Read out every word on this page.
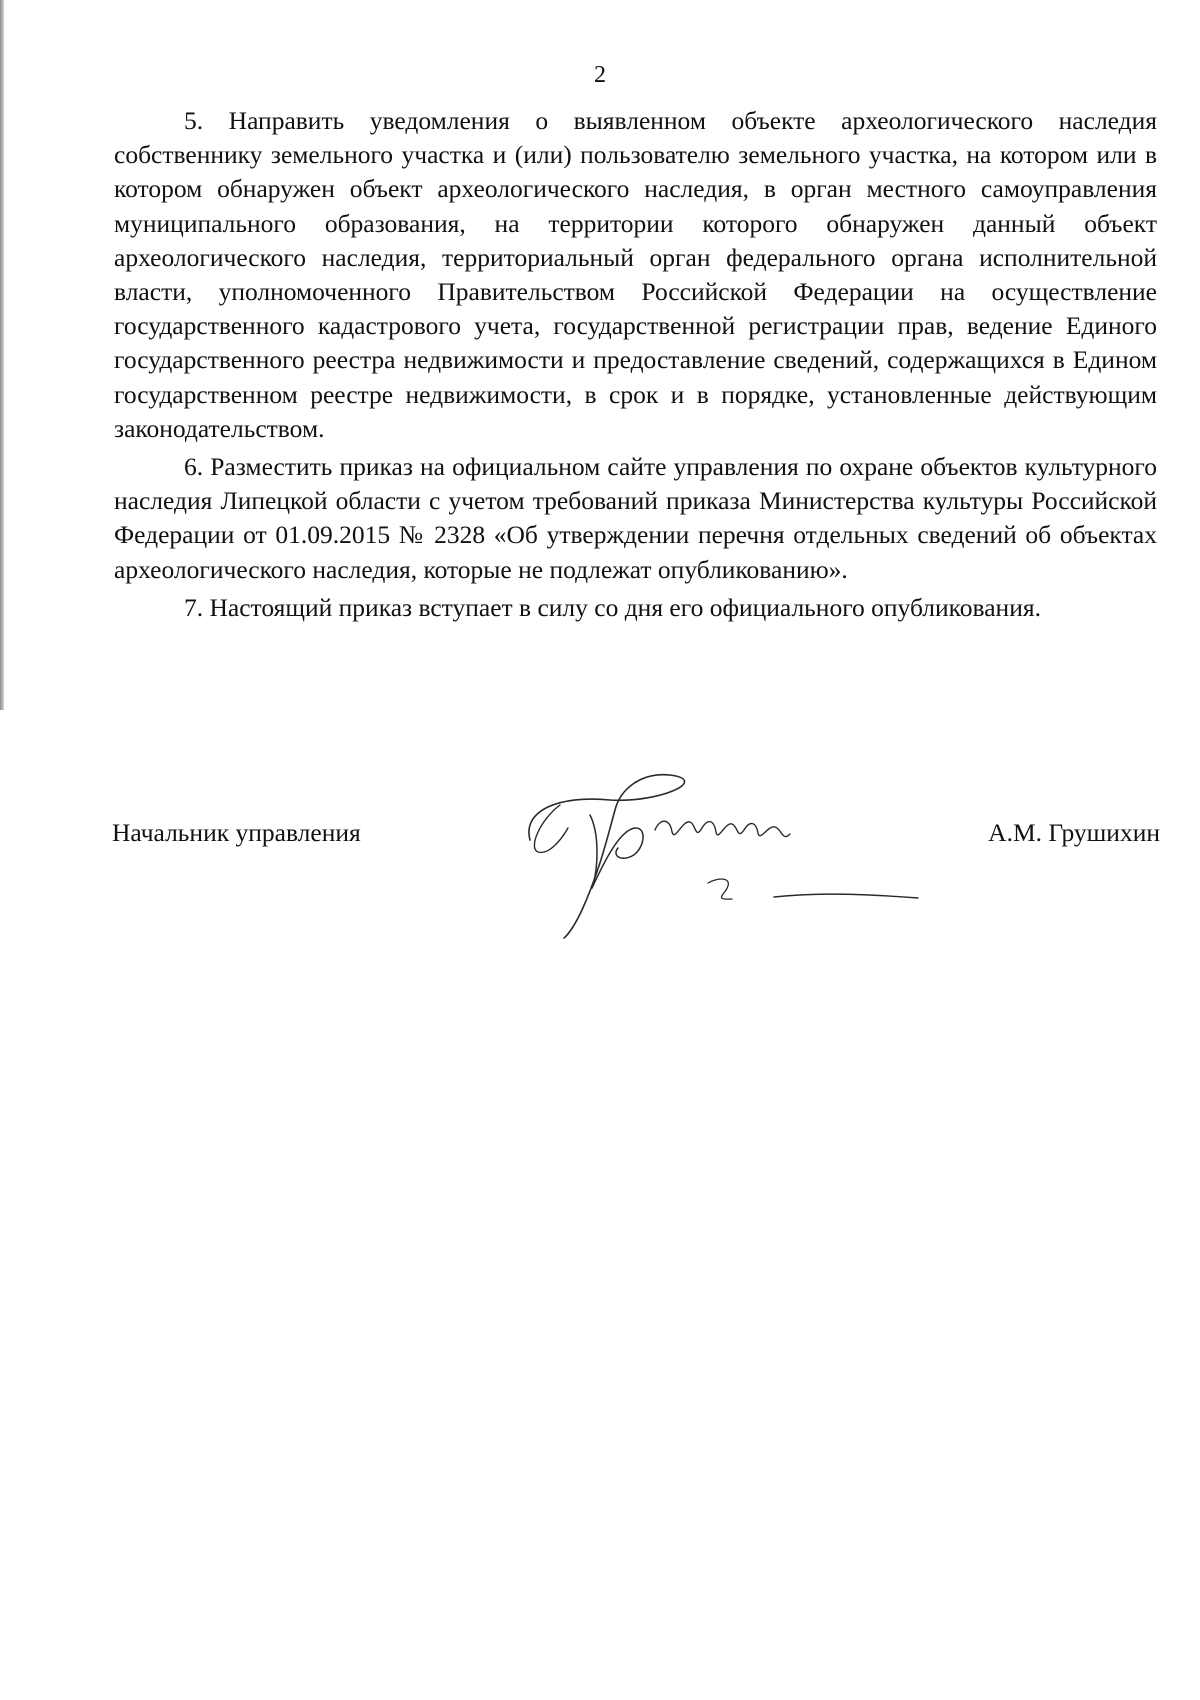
2

5. Направить уведомления о выявленном объекте археологического наследия собственнику земельного участка и (или) пользователю земельного участка, на котором или в котором обнаружен объект археологического наследия, в орган местного самоуправления муниципального образования, на территории которого обнаружен данный объект археологического наследия, территориальный орган федерального органа исполнительной власти, уполномоченного Правительством Российской Федерации на осуществление государственного кадастрового учета, государственной регистрации прав, ведение Единого государственного реестра недвижимости и предоставление сведений, содержащихся в Едином государственном реестре недвижимости, в срок и в порядке, установленные действующим законодательством.

6. Разместить приказ на официальном сайте управления по охране объектов культурного наследия Липецкой области с учетом требований приказа Министерства культуры Российской Федерации от 01.09.2015 № 2328 «Об утверждении перечня отдельных сведений об объектах археологического наследия, которые не подлежат опубликованию».

7. Настоящий приказ вступает в силу со дня его официального опубликования.

Начальник управления	А.М. Грушихин
